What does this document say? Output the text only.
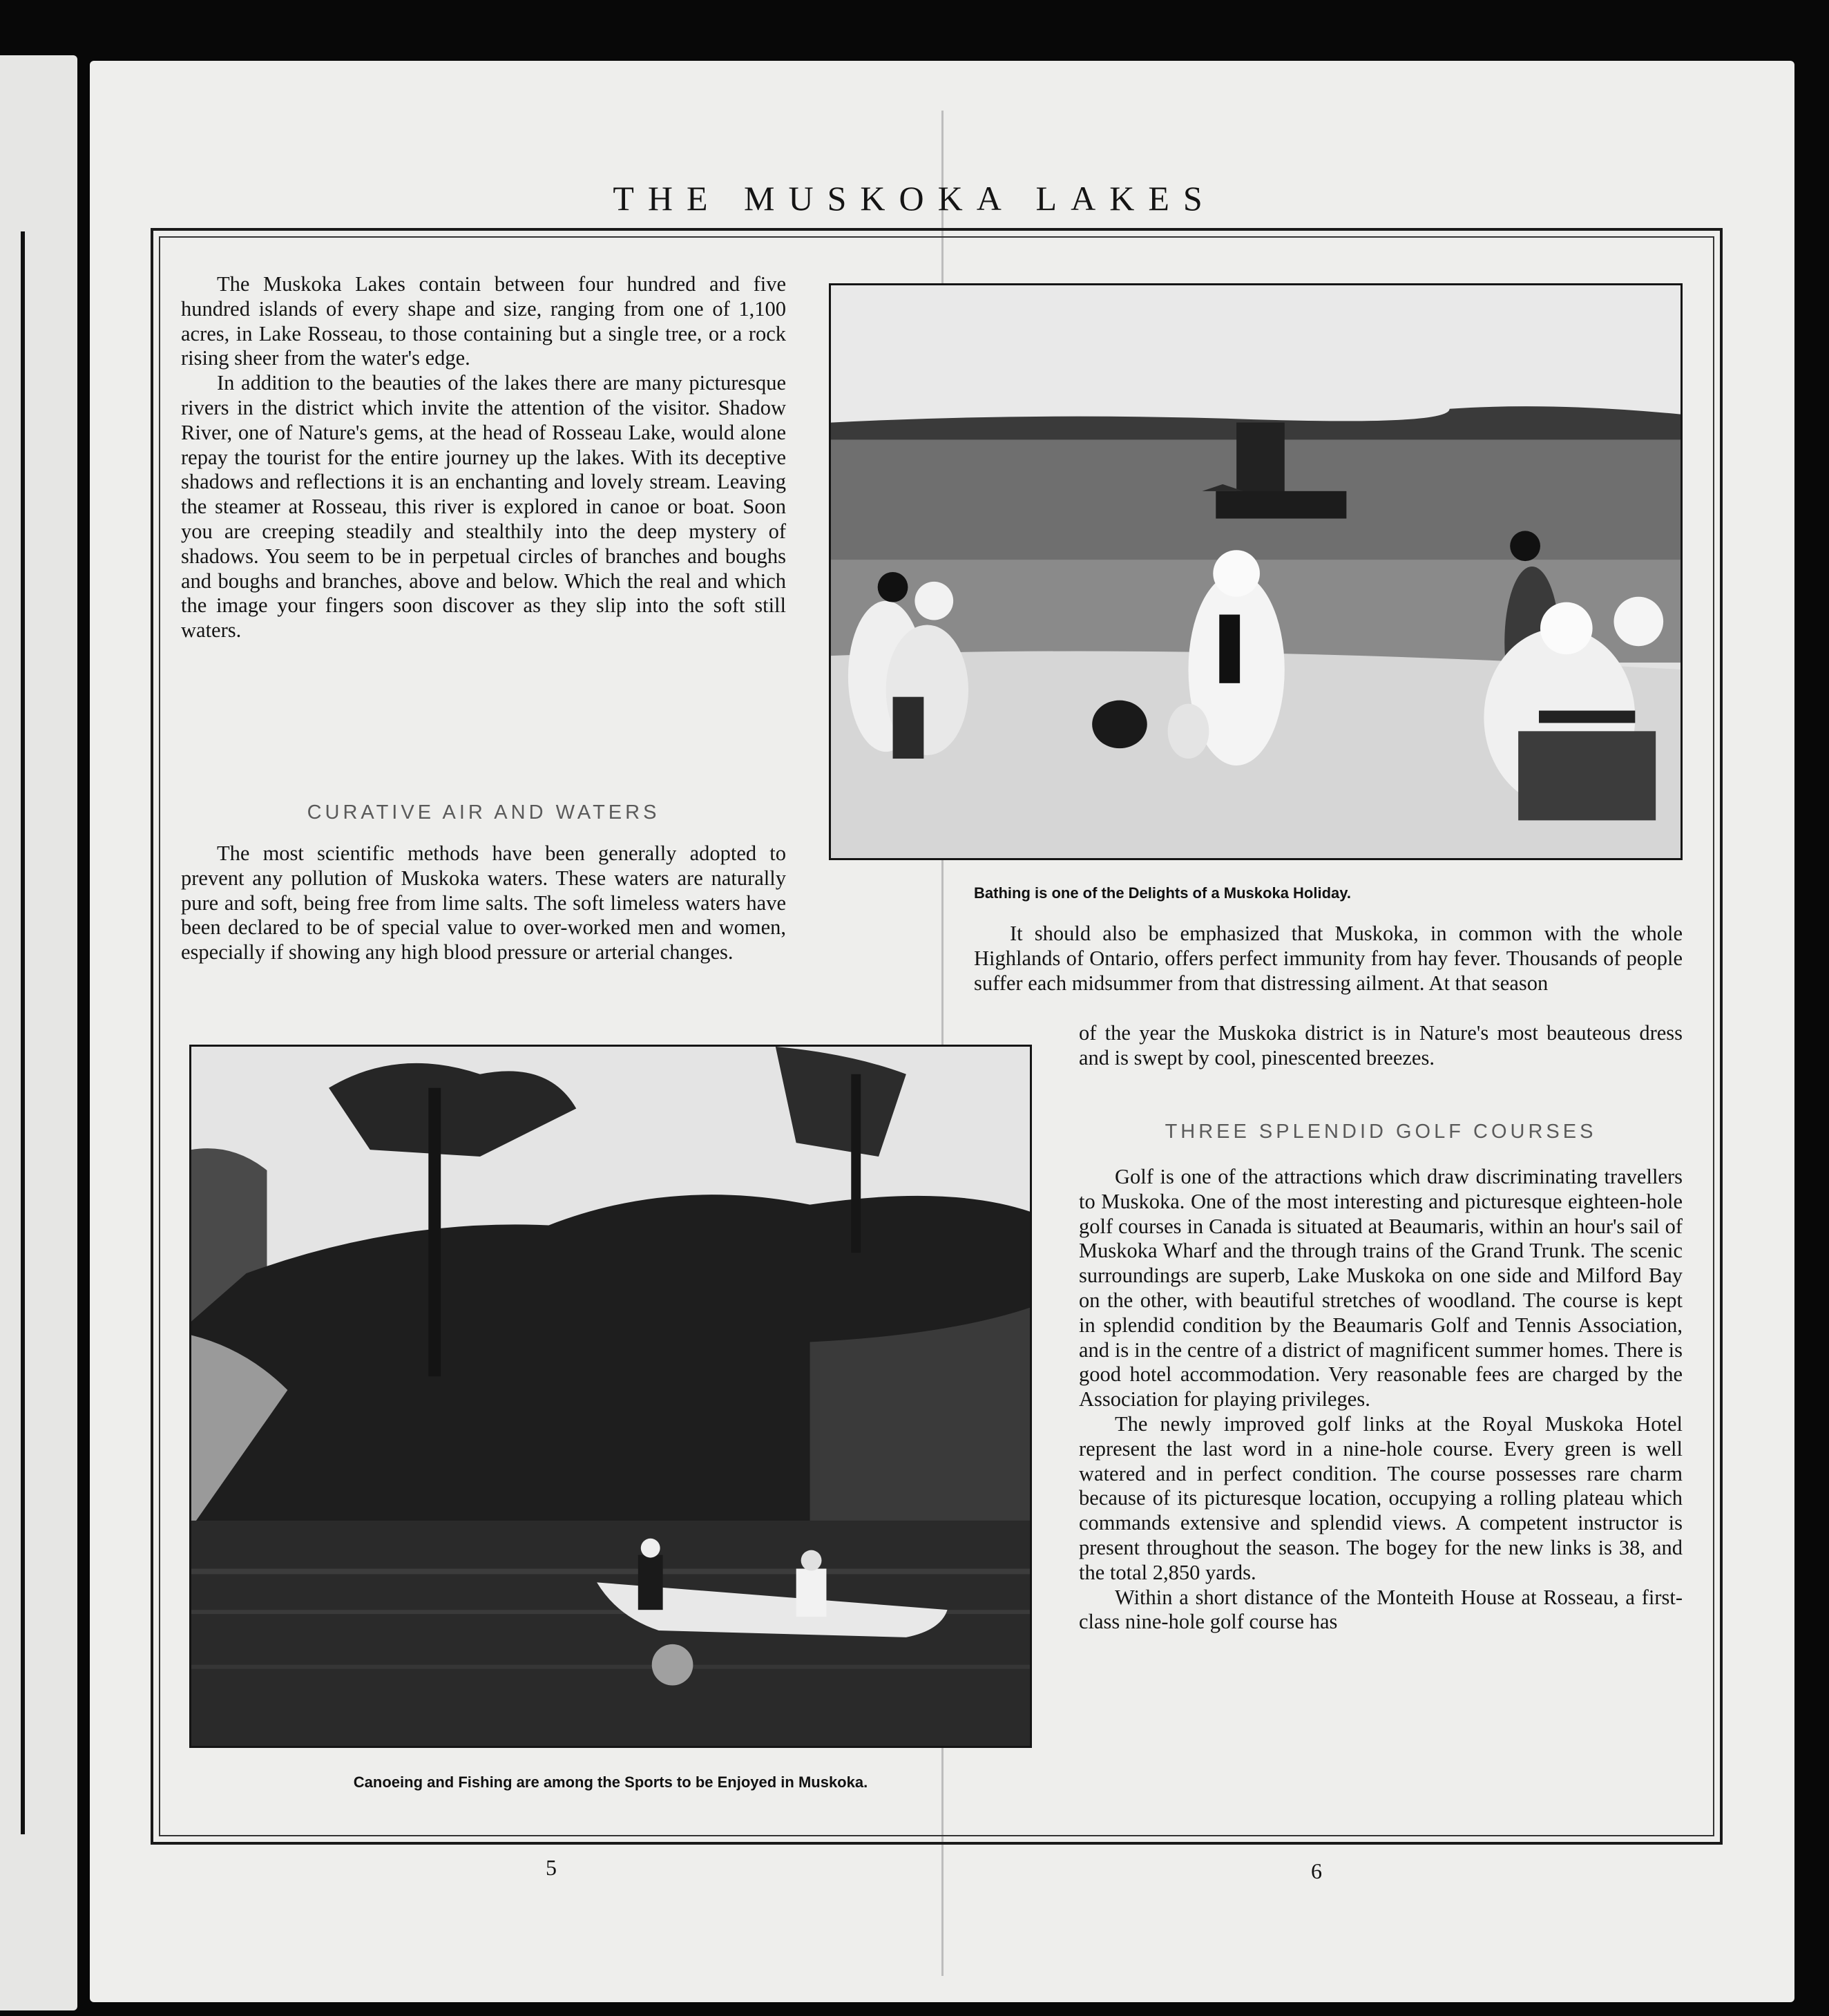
THE MUSKOKA LAKES

The Muskoka Lakes contain between four hundred and five hundred islands of every shape and size, ranging from one of 1,100 acres, in Lake Rosseau, to those containing but a single tree, or a rock rising sheer from the water's edge.

In addition to the beauties of the lakes there are many picturesque rivers in the district which invite the attention of the visitor. Shadow River, one of Nature's gems, at the head of Rosseau Lake, would alone repay the tourist for the entire journey up the lakes. With its deceptive shadows and reflections it is an enchanting and lovely stream. Leaving the steamer at Rosseau, this river is explored in canoe or boat. Soon you are creeping steadily and stealthily into the deep mystery of shadows. You seem to be in perpetual circles of branches and boughs and boughs and branches, above and below. Which the real and which the image your fingers soon discover as they slip into the soft still waters.

CURATIVE AIR AND WATERS

The most scientific methods have been generally adopted to prevent any pollution of Muskoka waters. These waters are naturally pure and soft, being free from lime salts. The soft limeless waters have been declared to be of special value to over-worked men and women, especially if showing any high blood pressure or arterial changes.

Bathing is one of the Delights of a Muskoka Holiday.

It should also be emphasized that Muskoka, in common with the whole Highlands of Ontario, offers perfect immunity from hay fever. Thousands of people suffer each midsummer from that distressing ailment. At that season

of the year the Muskoka district is in Nature's most beauteous dress and is swept by cool, pinescented breezes.

THREE SPLENDID GOLF COURSES

Golf is one of the attractions which draw discriminating travellers to Muskoka. One of the most interesting and picturesque eighteen-hole golf courses in Canada is situated at Beaumaris, within an hour's sail of Muskoka Wharf and the through trains of the Grand Trunk. The scenic surroundings are superb, Lake Muskoka on one side and Milford Bay on the other, with beautiful stretches of woodland. The course is kept in splendid condition by the Beaumaris Golf and Tennis Association, and is in the centre of a district of magnificent summer homes. There is good hotel accommodation. Very reasonable fees are charged by the Association for playing privileges.

The newly improved golf links at the Royal Muskoka Hotel represent the last word in a nine-hole course. Every green is well watered and in perfect condition. The course possesses rare charm because of its picturesque location, occupying a rolling plateau which commands extensive and splendid views. A competent instructor is present throughout the season. The bogey for the new links is 38, and the total 2,850 yards.

Within a short distance of the Monteith House at Rosseau, a first-class nine-hole golf course has

Canoeing and Fishing are among the Sports to be Enjoyed in Muskoka.

5	6
